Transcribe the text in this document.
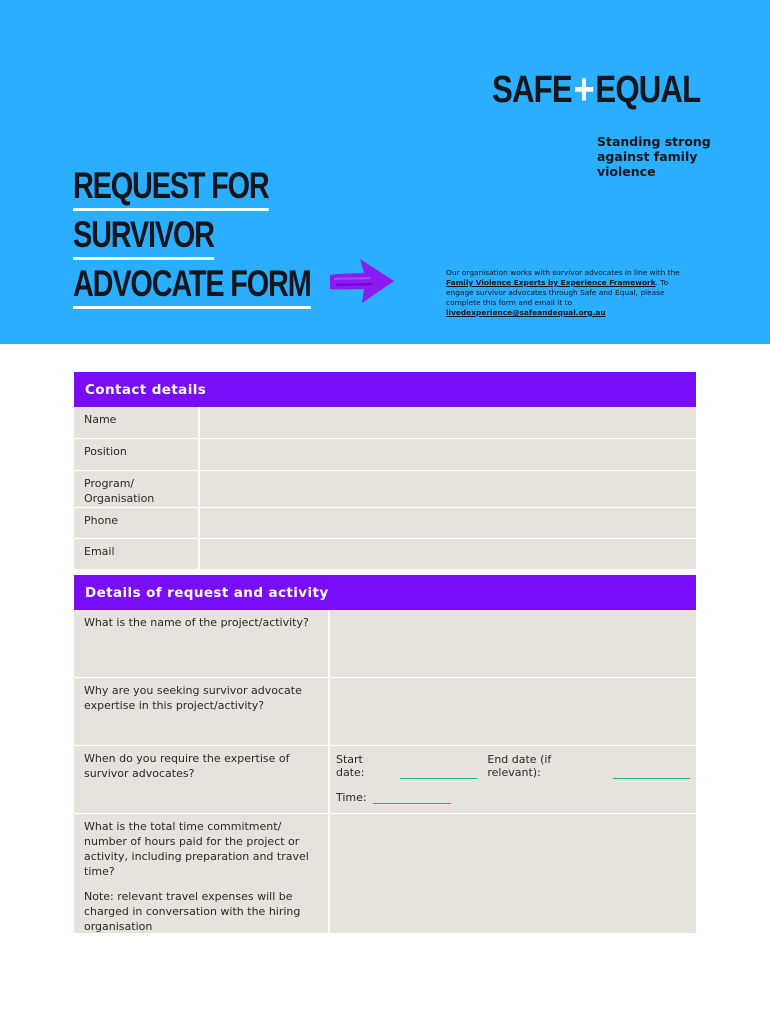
SAFE + EQUAL
Standing strong against family violence
REQUEST FOR
SURVIVOR
ADVOCATE FORM	Our organisation works with survivor advocates in line with the Family Violence Experts by Experience Framework. To engage survivor advocates through Safe and Equal, please complete this form and email it to livedexperience@safeandequal.org.au
Contact details
Name
Position
Program/ Organisation
Phone
Email
Details of request and activity
What is the name of the project/activity?
Why are you seeking survivor advocate expertise in this project/activity?
When do you require the expertise of survivor advocates?
Start date:
End date (if relevant):
Time:
What is the total time commitment/ number of hours paid for the project or activity, including preparation and travel time?
Note: relevant travel expenses will be charged in conversation with the hiring organisation
